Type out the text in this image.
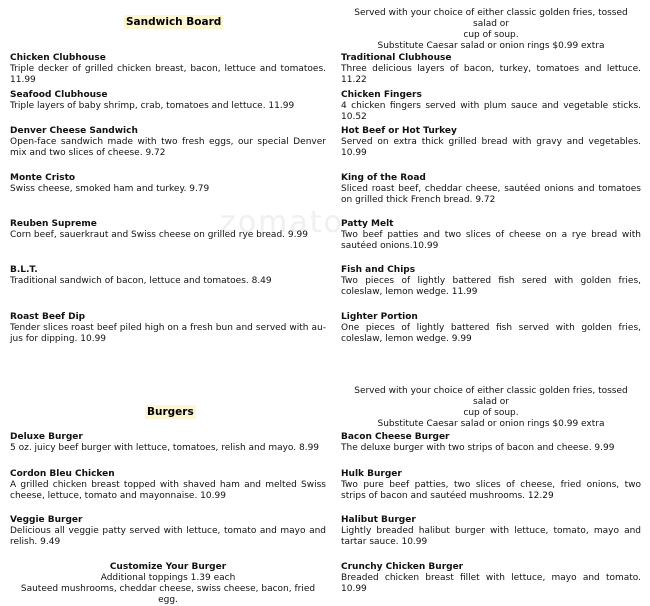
zomato
Sandwich Board
Served with your choice of either classic golden fries, tossed salad or
cup of soup.
Substitute Caesar salad or onion rings $0.99 extra
Chicken Clubhouse
Triple decker of grilled chicken breast, bacon, lettuce and tomatoes. 11.99
Seafood Clubhouse
Triple layers of baby shrimp, crab, tomatoes and lettuce. 11.99
Denver Cheese Sandwich
Open-face sandwich made with two fresh eggs, our special Denver mix and two slices of cheese. 9.72
Monte Cristo
Swiss cheese, smoked ham and turkey. 9.79
Reuben Supreme
Corn beef, sauerkraut and Swiss cheese on grilled rye bread. 9.99
B.L.T.
Traditional sandwich of bacon, lettuce and tomatoes. 8.49
Roast Beef Dip
Tender slices roast beef piled high on a fresh bun and served with au-jus for dipping. 10.99
Traditional Clubhouse
Three delicious layers of bacon, turkey, tomatoes and lettuce. 11.22
Chicken Fingers
4 chicken fingers served with plum sauce and vegetable sticks. 10.52
Hot Beef or Hot Turkey
Served on extra thick grilled bread with gravy and vegetables. 10.99
King of the Road
Sliced roast beef, cheddar cheese, sautéed onions and tomatoes on grilled thick French bread. 9.72
Patty Melt
Two beef patties and two slices of cheese on a rye bread with sautéed onions.10.99
Fish and Chips
Two pieces of lightly battered fish sered with golden fries, coleslaw, lemon wedge. 11.99
Lighter Portion
One pieces of lightly battered fish served with golden fries, coleslaw, lemon wedge. 9.99
Served with your choice of either classic golden fries, tossed salad or
cup of soup.
Substitute Caesar salad or onion rings $0.99 extra
Burgers
Deluxe Burger
5 oz. juicy beef burger with lettuce, tomatoes, relish and mayo. 8.99
Cordon Bleu Chicken
A grilled chicken breast topped with shaved ham and melted Swiss cheese, lettuce, tomato and mayonnaise. 10.99
Veggie Burger
Delicious all veggie patty served with lettuce, tomato and mayo and relish. 9.49
Customize Your Burger
Additional toppings 1.39 each
Sauteed mushrooms, cheddar cheese, swiss cheese, bacon, fried egg.
Bacon Cheese Burger
The deluxe burger with two strips of bacon and cheese. 9.99
Hulk Burger
Two pure beef patties, two slices of cheese, fried onions, two strips of bacon and sautéed mushrooms. 12.29
Halibut Burger
Lightly breaded halibut burger with lettuce, tomato, mayo and tartar sauce. 10.99
Crunchy Chicken Burger
Breaded chicken breast fillet with lettuce, mayo and tomato. 10.99
